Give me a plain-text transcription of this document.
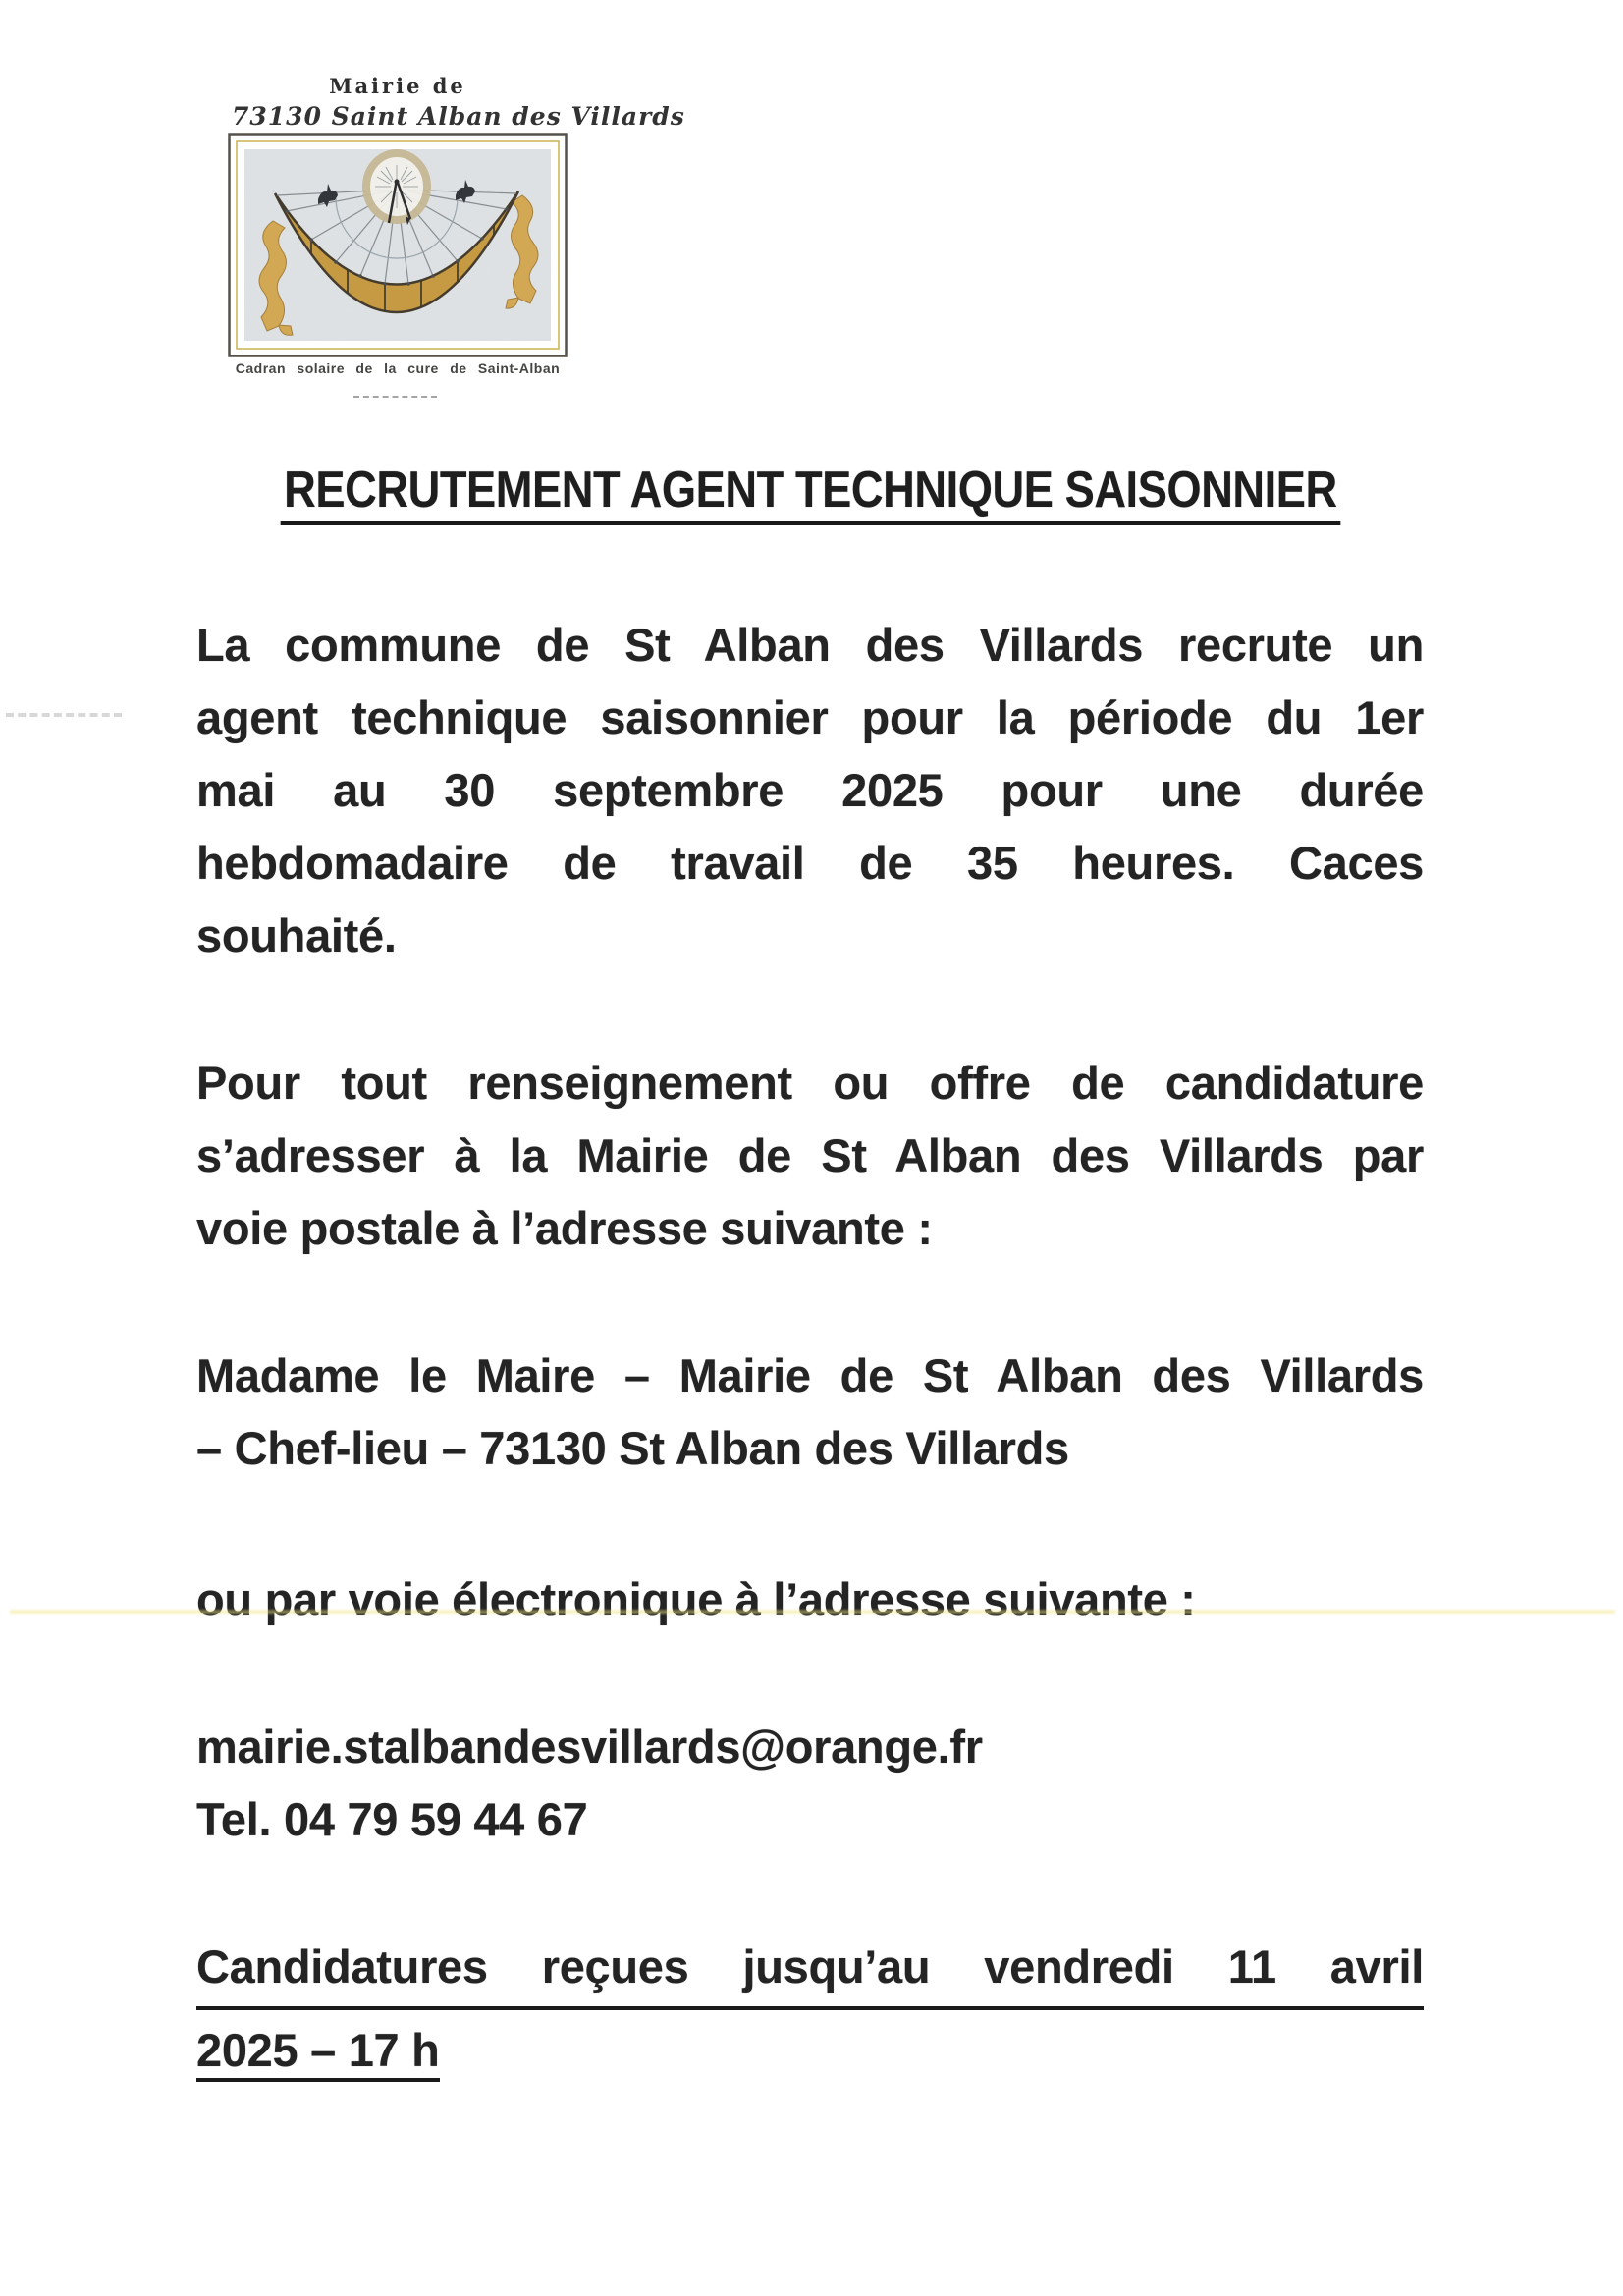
Mairie de
73130 Saint Alban des Villards
Cadran solaire de la cure de Saint-Alban
RECRUTEMENT AGENT TECHNIQUE SAISONNIER
La commune de St Alban des Villards recrute un
agent technique saisonnier pour la période du 1er
mai au 30 septembre 2025 pour une durée
hebdomadaire de travail de 35 heures. Caces
souhaité.
Pour tout renseignement ou offre de candidature
s’adresser à la Mairie de St Alban des Villards par
voie postale à l’adresse suivante :
Madame le Maire – Mairie de St Alban des Villards
– Chef-lieu – 73130 St Alban des Villards
ou par voie électronique à l’adresse suivante :
mairie.stalbandesvillards@orange.fr
Tel. 04 79 59 44 67
Candidatures reçues jusqu’au vendredi 11 avril
2025 – 17 h
